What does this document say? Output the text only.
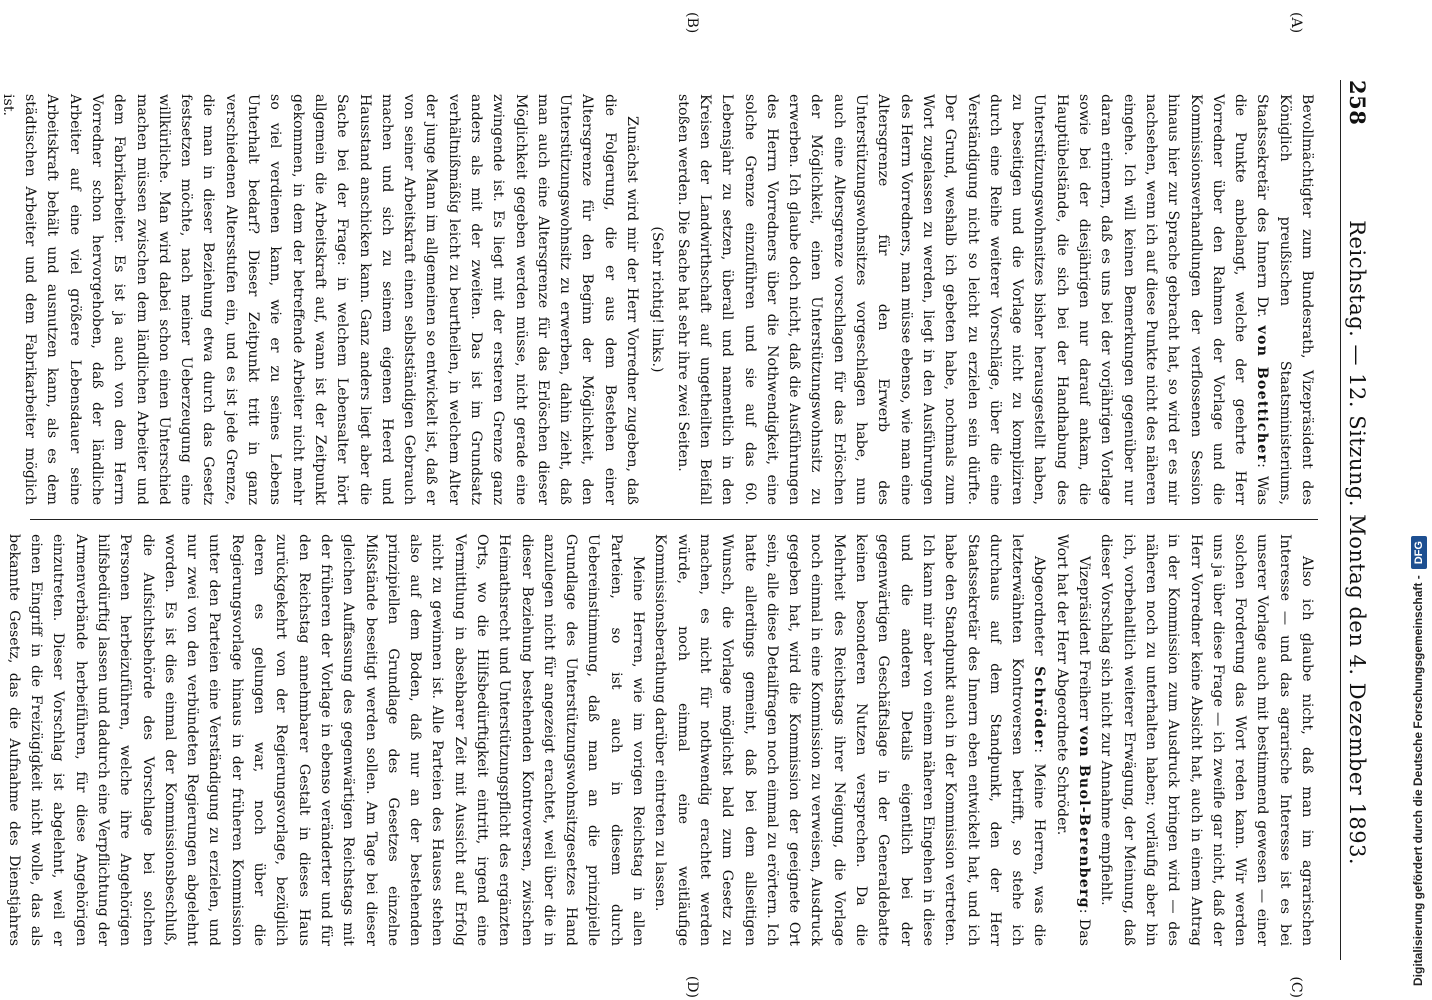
258
Reichstag. — 12. Sitzung. Montag den 4. Dezember 1893.
(A)
(B)
(C)
(D)

Bevollmächtigter zum Bundesrath, Vizepräsident des Königlich preußischen Staatsministeriums, Staatssekretär des Innern Dr. von Boetticher: Was die Punkte anbelangt, welche der geehrte Herr Vorredner über den Rahmen der Vorlage und die Kommissionsverhandlungen der verflossenen Session hinaus hier zur Sprache gebracht hat, so wird er es mir nachsehen, wenn ich auf diese Punkte nicht des näheren eingehe. Ich will keinen Bemerkungen gegenüber nur daran erinnern, daß es uns bei der vorjährigen Vorlage sowie bei der diesjährigen nur darauf ankam, die Hauptübelstände, die sich bei der Handhabung des Unterstützungswohnsitzes bisher herausgestellt haben, zu beseitigen und die Vorlage nicht zu kompliziren durch eine Reihe weiterer Vorschläge, über die eine Verständigung nicht so leicht zu erzielen sein dürfte. Der Grund, weshalb ich gebeten habe, nochmals zum Wort zugelassen zu werden, liegt in den Ausführungen des Herrn Vorredners, man müsse ebenso, wie man eine Altersgrenze für den Erwerb des Unterstützungswohnsitzes vorgeschlagen habe, nun auch eine Altersgrenze vorschlagen für das Erlöschen der Möglichkeit, einen Unterstützungswohnsitz zu erwerben. Ich glaube doch nicht, daß die Ausführungen des Herrn Vorredners über die Nothwendigkeit, eine solche Grenze einzuführen und sie auf das 60. Lebensjahr zu setzen, überall und namentlich in den Kreisen der Landwirthschaft auf ungetheilten Beifall stoßen werden. Die Sache hat sehr ihre zwei Seiten.

(Sehr richtig! links.)

Zunächst wird mir der Herr Vorredner zugeben, daß die Folgerung, die er aus dem Bestehen einer Altersgrenze für den Beginn der Möglichkeit, den Unterstützungswohnsitz zu erwerben, dahin zieht, daß man auch eine Altersgrenze für das Erlöschen dieser Möglichkeit gegeben werden müsse, nicht gerade eine zwingende ist. Es liegt mit der ersteren Grenze ganz anders als mit der zweiten. Das ist im Grundsatz verhältnißmäßig leicht zu beurtheilen, in welchem Alter der junge Mann im allgemeinen so entwickelt ist, daß er von seiner Arbeitskraft einen selbstständigen Gebrauch machen und sich zu seinem eigenen Heerd und Hausstand anschicken kann. Ganz anders liegt aber die Sache bei der Frage: in welchem Lebensalter hört allgemein die Arbeitskraft auf, wann ist der Zeitpunkt gekommen, in dem der betreffende Arbeiter nicht mehr so viel verdienen kann, wie er zu seines Lebens Unterhalt bedarf? Dieser Zeitpunkt tritt in ganz verschiedenen Altersstufen ein, und es ist jede Grenze, die man in dieser Beziehung etwa durch das Gesetz festsetzen möchte, nach meiner Ueberzeugung eine willkürliche. Man wird dabei schon einen Unterschied machen müssen zwischen dem ländlichen Arbeiter und dem Fabrikarbeiter. Es ist ja auch von dem Herrn Vorredner schon hervorgehoben, daß der ländliche Arbeiter auf eine viel größere Lebensdauer seine Arbeitskraft behält und ausnutzen kann, als es dem städtischen Arbeiter und dem Fabrikarbeiter möglich ist.

Also ich glaube nicht, daß man im agrarischen Interesse — und das agrarische Interesse ist es bei unserer Vorlage auch mit bestimmend gewesen — einer solchen Forderung das Wort reden kann. Wir werden uns ja über diese Frage — ich zweifle gar nicht, daß der Herr Vorredner keine Absicht hat, auch in einem Antrag in der Kommission zum Ausdruck bringen wird — des näheren noch zu unterhalten haben; vorläufig aber bin ich, vorbehaltlich weiterer Erwägung, der Meinung, daß dieser Vorschlag sich nicht zur Annahme empfiehlt.

Vizepräsident Freiherr von Buol-Berenberg: Das Wort hat der Herr Abgeordnete Schröder.

Abgeordneter Schröder: Meine Herren, was die letzterwähnten Kontroversen betrifft, so stehe ich durchaus auf dem Standpunkt, den der Herr Staatssekretär des Innern eben entwickelt hat, und ich habe den Standpunkt auch in der Kommission vertreten. Ich kann mir aber von einem näheren Eingehen in diese und die anderen Details eigentlich bei der gegenwärtigen Geschäftslage in der Generaldebatte keinen besonderen Nutzen versprechen. Da die Mehrheit des Reichstags ihrer Neigung, die Vorlage noch einmal in eine Kommission zu verweisen, Ausdruck gegeben hat, wird die Kommission der geeignete Ort sein, alle diese Detailfragen noch einmal zu erörtern. Ich hatte allerdings gemeint, daß bei dem allseitigen Wunsch, die Vorlage möglichst bald zum Gesetz zu machen, es nicht für nothwendig erachtet werden würde, noch einmal eine weitläufige Kommissionsberathung darüber eintreten zu lassen.

Meine Herren, wie im vorigen Reichstag in allen Parteien, so ist auch in diesem durch Uebereinstimmung, daß man an die prinzipielle Grundlage des Unterstützungswohnsitzgesetzes Hand anzulegen nicht für angezeigt erachtet, weil über die in dieser Beziehung bestehenden Kontroversen, zwischen Heimathsrecht und Unterstützungspflicht des ergänzten Orts, wo die Hilfsbedürftigkeit eintritt, irgend eine Vermittlung in absehbarer Zeit mit Aussicht auf Erfolg nicht zu gewinnen ist. Alle Parteien des Hauses stehen also auf dem Boden, daß nur an der bestehenden prinzipiellen Grundlage des Gesetzes einzelne Mißstände beseitigt werden sollen. Am Tage bei dieser gleichen Auffassung des gegenwärtigen Reichstags mit der früheren der Vorlage in ebenso veränderter und für den Reichstag annehmbarer Gestalt in dieses Haus zurückgekehrt von der Regierungsvorlage, bezüglich deren es gelungen war, noch über die Regierungsvorlage hinaus in der früheren Kommission unter den Parteien eine Verständigung zu erzielen, und nur zwei von den verbündeten Regierungen abgelehnt worden. Es ist dies einmal der Kommissionsbeschluß, die Aufsichtsbehörde des Vorschlage bei solchen Personen herbeizuführen, welche ihre Angehörigen hilfsbedürftig lassen und dadurch eine Verpflichtung der Armenverbände herbeiführen, für diese Angehörigen einzutreten. Dieser Vorschlag ist abgelehnt, weil er einen Eingriff in die Freizügigkeit nicht wolle, das als bekannte Gesetz, das die Aufnahme des Dienstjahres	Digitalisierung gefördert durch die Deutsche Forschungsgemeinschaft -DFG
